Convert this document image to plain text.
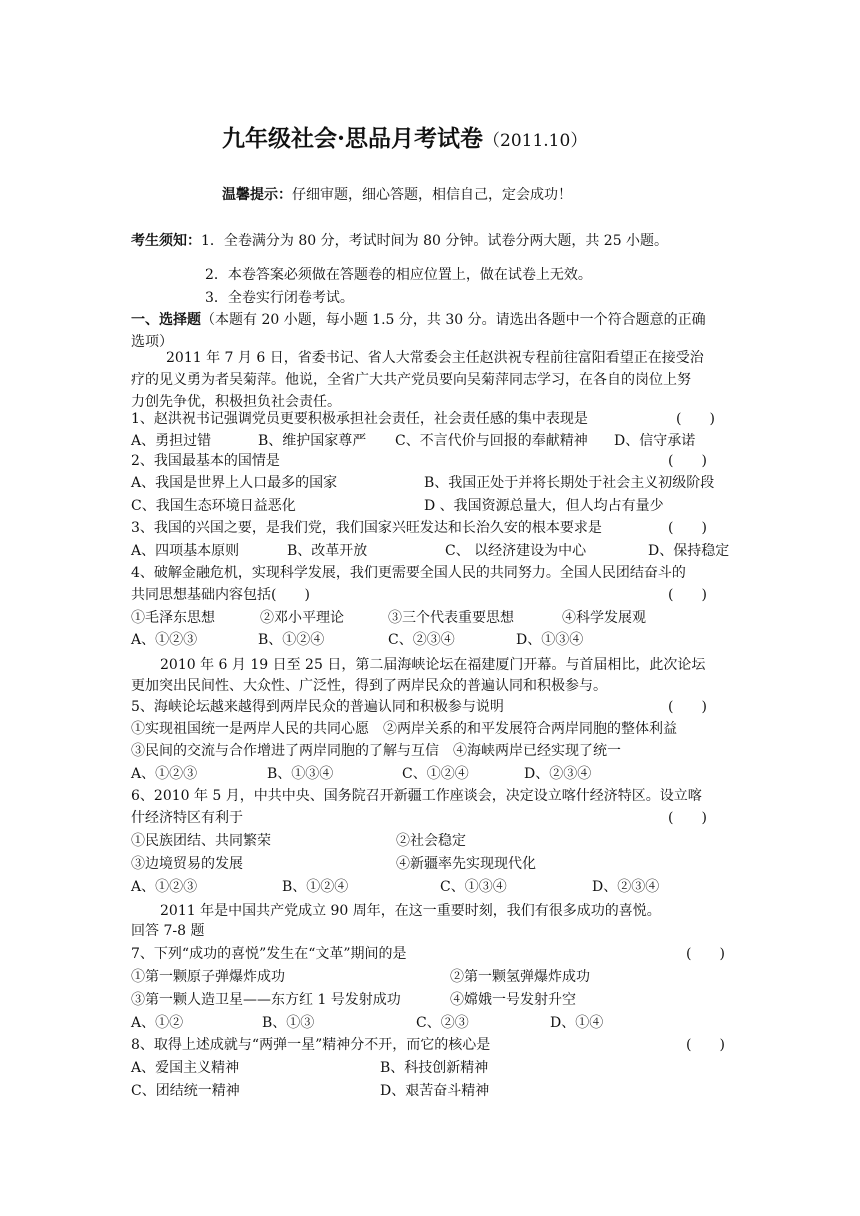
九年级社会·思品月考试卷（2011.10）
温馨提示：仔细审题，细心答题，相信自己，定会成功！
考生须知：1．全卷满分为 80 分，考试时间为 80 分钟。试卷分两大题，共 25 小题。
2．本卷答案必须做在答题卷的相应位置上，做在试卷上无效。
3．全卷实行闭卷考试。
一、选择题（本题有 20 小题，每小题 1.5 分，共 30 分。请选出各题中一个符合题意的正确
选项）
2011 年 7 月 6 日，省委书记、省人大常委会主任赵洪祝专程前往富阳看望正在接受治
疗的见义勇为者吴菊萍。他说，全省广大共产党员要向吴菊萍同志学习，在各自的岗位上努
力创先争优，积极担负社会责任。
1、赵洪祝书记强调党员更要积极承担社会责任，社会责任感的集中表现是	(　　)
A、勇担过错	B、维护国家尊严 C、不言代价与回报的奉献精神 D、信守承诺
2、我国最基本的国情是	(　　)
A、我国是世界上人口最多的国家	B、我国正处于并将长期处于社会主义初级阶段
C、我国生态环境日益恶化	D 、我国资源总量大，但人均占有量少
3、我国的兴国之要，是我们党，我们国家兴旺发达和长治久安的根本要求是	(　　)
A、四项基本原则	B、改革开放	C、 以经济建设为中心	D、保持稳定
4、破解金融危机，实现科学发展，我们更需要全国人民的共同努力。全国人民团结奋斗的
共同思想基础内容包括(　　)	(　　)
①毛泽东思想	②邓小平理论	③三个代表重要思想	④科学发展观
A、①②③	B、①②④	C、②③④	D、①③④
2010 年 6 月 19 日至 25 日，第二届海峡论坛在福建厦门开幕。与首届相比，此次论坛
更加突出民间性、大众性、广泛性，得到了两岸民众的普遍认同和积极参与。
5、海峡论坛越来越得到两岸民众的普遍认同和积极参与说明	(　　)
①实现祖国统一是两岸人民的共同心愿　②两岸关系的和平发展符合两岸同胞的整体利益
③民间的交流与合作增进了两岸同胞的了解与互信　④海峡两岸已经实现了统一
A、①②③	B、①③④	C、①②④	D、②③④
6、2010 年 5 月，中共中央、国务院召开新疆工作座谈会，决定设立喀什经济特区。设立喀
什经济特区有利于	(　　)
①民族团结、共同繁荣	②社会稳定
③边境贸易的发展	④新疆率先实现现代化
A、①②③	B、①②④	C、①③④	D、②③④
2011 年是中国共产党成立 90 周年，在这一重要时刻，我们有很多成功的喜悦。
回答 7-8 题
7、下列“成功的喜悦”发生在“文革”期间的是	(　　)
①第一颗原子弹爆炸成功	②第一颗氢弹爆炸成功
③第一颗人造卫星——东方红 1 号发射成功	④嫦娥一号发射升空
A、①②	B、①③	C、②③	D、①④
8、取得上述成就与“两弹一星”精神分不开，而它的核心是	(　　)
A、爱国主义精神	B、科技创新精神
C、团结统一精神	D、艰苦奋斗精神
